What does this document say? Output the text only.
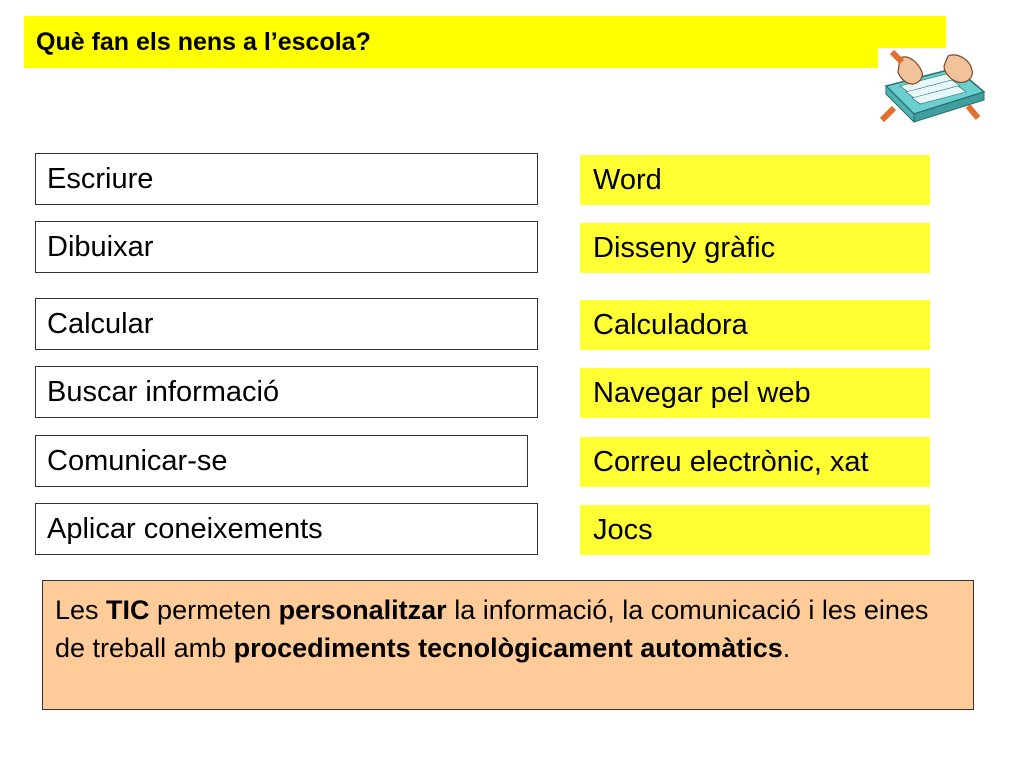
Què fan els nens a l’escola?
Escriure
Dibuixar
Calcular
Buscar informació
Comunicar-se
Aplicar coneixements
Word
Disseny gràfic
Calculadora
Navegar pel web
Correu electrònic, xat
Jocs
Les TIC permeten personalitzar la informació, la comunicació i les eines de treball amb procediments tecnològicament automàtics.
